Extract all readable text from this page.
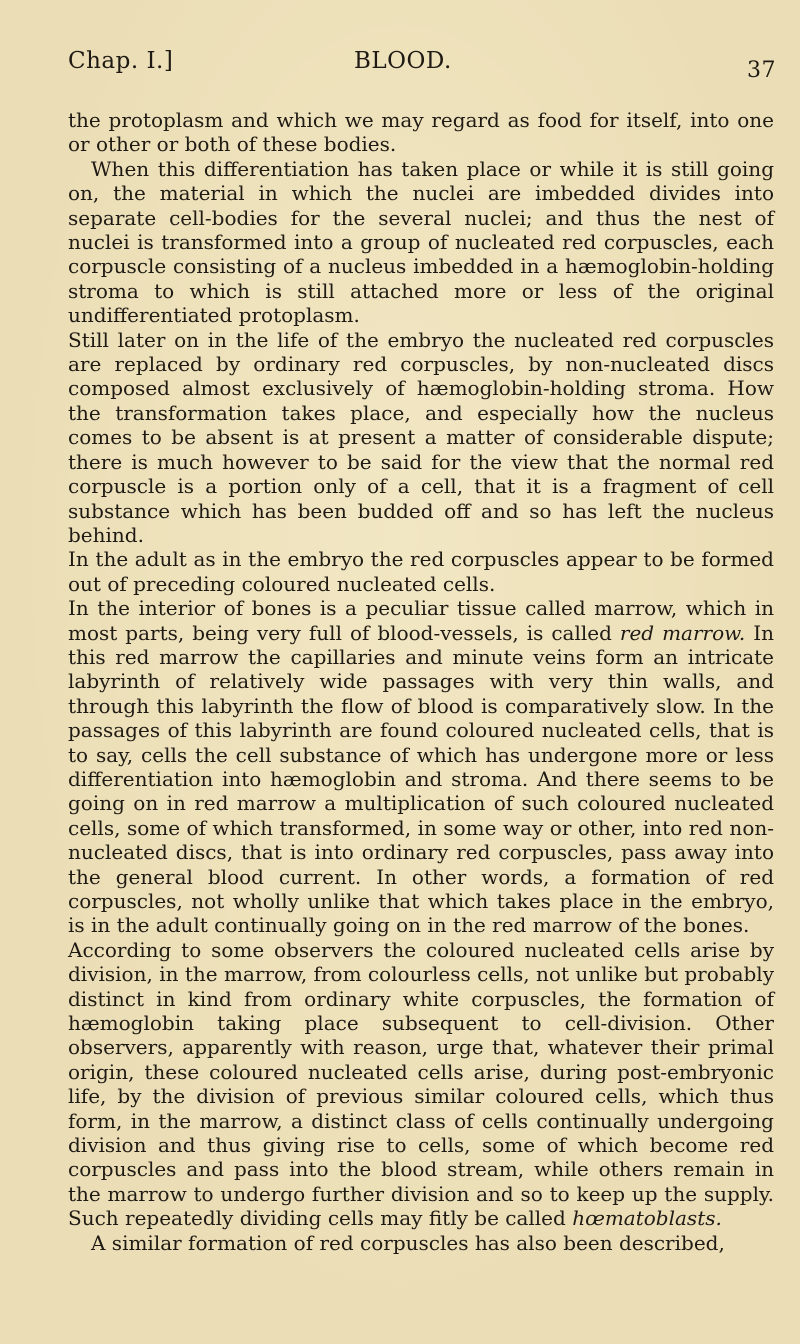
Chap. I.]	BLOOD.	37

the protoplasm and which we may regard as food for itself, into one or other or both of these bodies.

When this differentiation has taken place or while it is still going on, the material in which the nuclei are imbedded divides into separate cell-bodies for the several nuclei; and thus the nest of nuclei is transformed into a group of nucleated red corpuscles, each corpuscle consisting of a nucleus imbedded in a hæmoglobin-holding stroma to which is still attached more or less of the original undifferentiated protoplasm.

Still later on in the life of the embryo the nucleated red corpuscles are replaced by ordinary red corpuscles, by non-nucleated discs composed almost exclusively of hæmoglobin-holding stroma. How the transformation takes place, and especially how the nucleus comes to be absent is at present a matter of considerable dispute; there is much however to be said for the view that the normal red corpuscle is a portion only of a cell, that it is a fragment of cell substance which has been budded off and so has left the nucleus behind.

In the adult as in the embryo the red corpuscles appear to be formed out of preceding coloured nucleated cells.

In the interior of bones is a peculiar tissue called marrow, which in most parts, being very full of blood-vessels, is called red marrow. In this red marrow the capillaries and minute veins form an intricate labyrinth of relatively wide passages with very thin walls, and through this labyrinth the flow of blood is comparatively slow. In the passages of this labyrinth are found coloured nucleated cells, that is to say, cells the cell substance of which has undergone more or less differentiation into hæmoglobin and stroma. And there seems to be going on in red marrow a multiplication of such coloured nucleated cells, some of which transformed, in some way or other, into red non-nucleated discs, that is into ordinary red corpuscles, pass away into the general blood current. In other words, a formation of red corpuscles, not wholly unlike that which takes place in the embryo, is in the adult continually going on in the red marrow of the bones.

According to some observers the coloured nucleated cells arise by division, in the marrow, from colourless cells, not unlike but probably distinct in kind from ordinary white corpuscles, the formation of hæmoglobin taking place subsequent to cell-division. Other observers, apparently with reason, urge that, whatever their primal origin, these coloured nucleated cells arise, during post-embryonic life, by the division of previous similar coloured cells, which thus form, in the marrow, a distinct class of cells continually undergoing division and thus giving rise to cells, some of which become red corpuscles and pass into the blood stream, while others remain in the marrow to undergo further division and so to keep up the supply. Such repeatedly dividing cells may fitly be called hœmatoblasts.

A similar formation of red corpuscles has also been described,
